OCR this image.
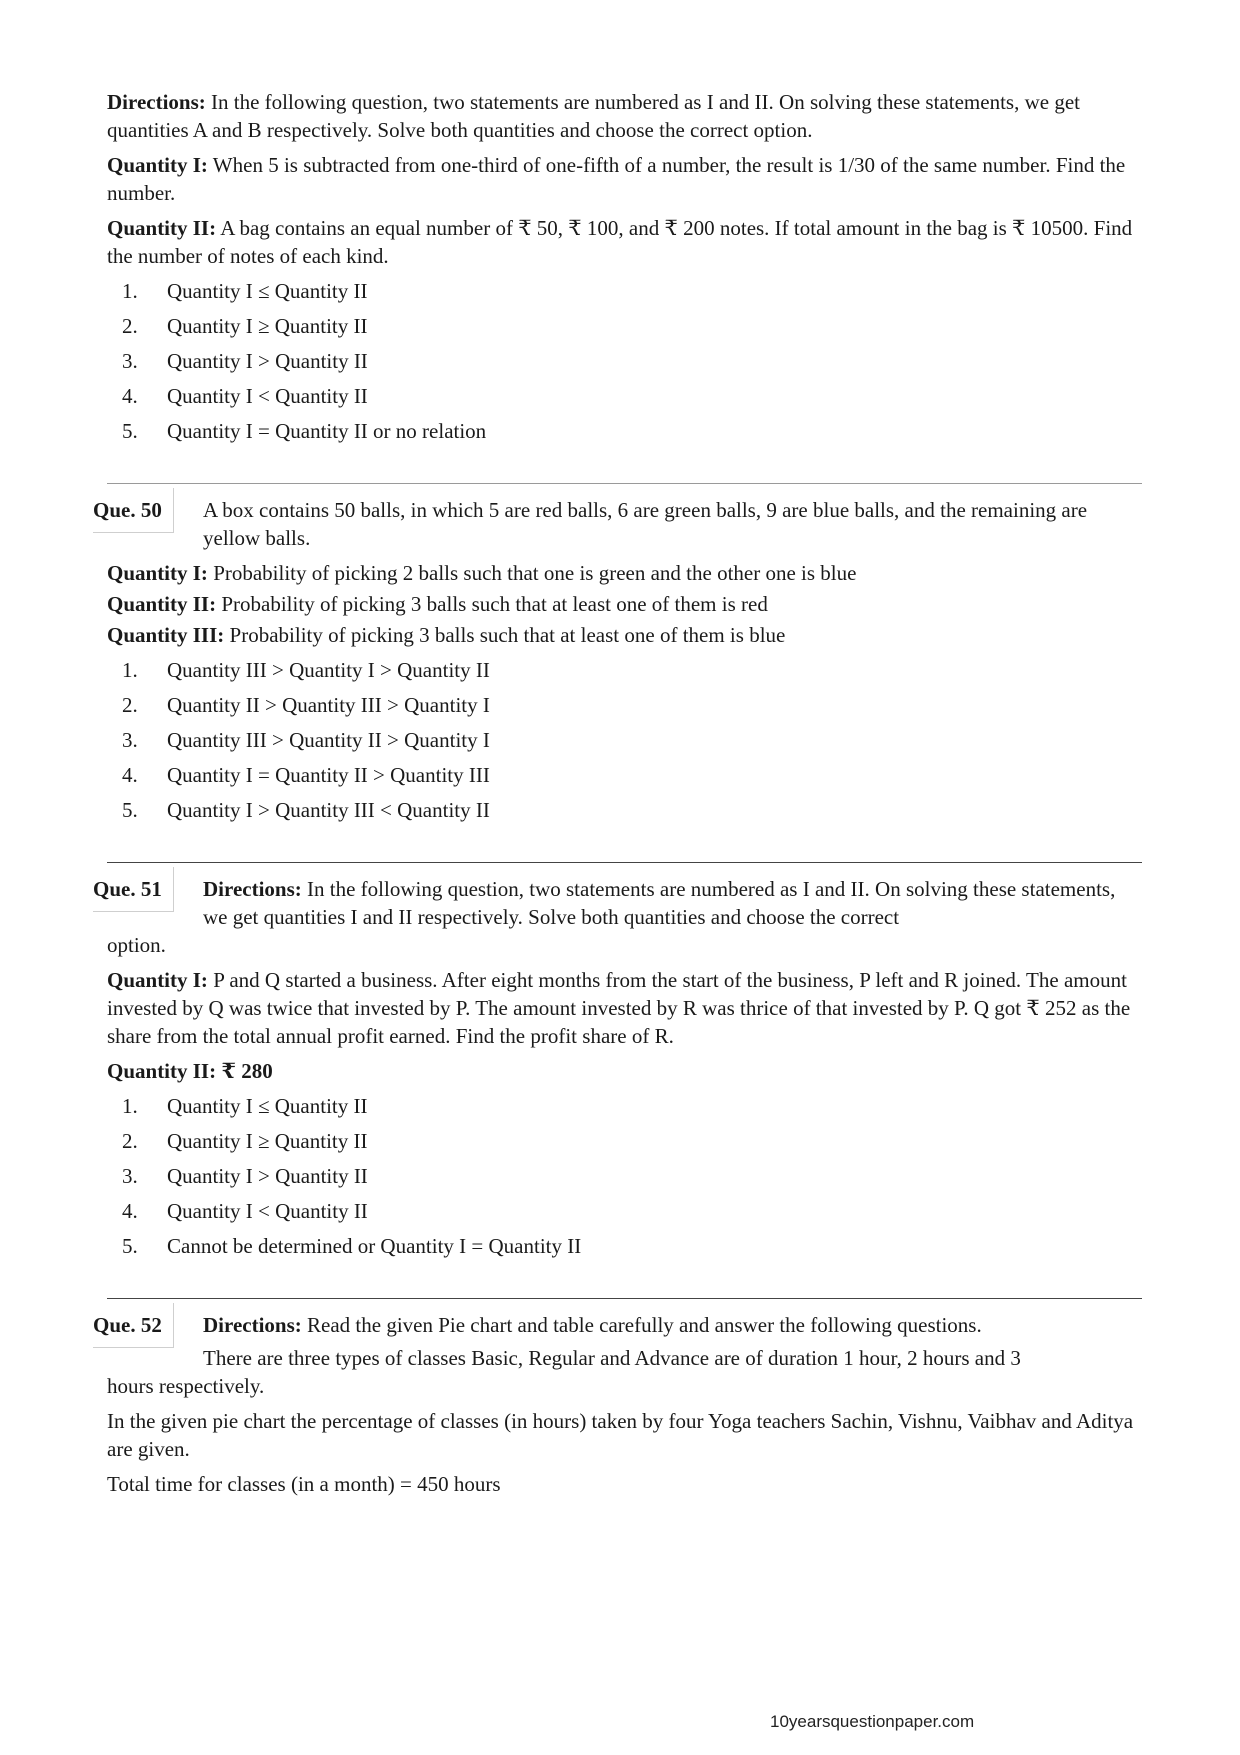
Directions: In the following question, two statements are numbered as I and II. On solving these statements, we get quantities A and B respectively. Solve both quantities and choose the correct option.

Quantity I: When 5 is subtracted from one-third of one-fifth of a number, the result is 1/30 of the same number. Find the number.

Quantity II: A bag contains an equal number of ₹ 50, ₹ 100, and ₹ 200 notes. If total amount in the bag is ₹ 10500. Find the number of notes of each kind.

1. Quantity I ≤ Quantity II
2. Quantity I ≥ Quantity II
3. Quantity I > Quantity II
4. Quantity I < Quantity II
5. Quantity I = Quantity II or no relation
Que. 50	A box contains 50 balls, in which 5 are red balls, 6 are green balls, 9 are blue balls, and the remaining are yellow balls.

Quantity I: Probability of picking 2 balls such that one is green and the other one is blue

Quantity II: Probability of picking 3 balls such that at least one of them is red

Quantity III: Probability of picking 3 balls such that at least one of them is blue

1. Quantity III > Quantity I > Quantity II
2. Quantity II > Quantity III > Quantity I
3. Quantity III > Quantity II > Quantity I
4. Quantity I = Quantity II > Quantity III
5. Quantity I > Quantity III < Quantity II
Que. 51	Directions: In the following question, two statements are numbered as I and II. On solving these statements, we get quantities I and II respectively. Solve both quantities and choose the correct

option.

Quantity I: P and Q started a business. After eight months from the start of the business, P left and R joined. The amount invested by Q was twice that invested by P. The amount invested by R was thrice of that invested by P. Q got ₹ 252 as the share from the total annual profit earned. Find the profit share of R.

Quantity II: ₹ 280

1. Quantity I ≤ Quantity II
2. Quantity I ≥ Quantity II
3. Quantity I > Quantity II
4. Quantity I < Quantity II
5. Cannot be determined or Quantity I = Quantity II
Que. 52	Directions: Read the given Pie chart and table carefully and answer the following questions.

There are three types of classes Basic, Regular and Advance are of duration 1 hour, 2 hours and 3

hours respectively.

In the given pie chart the percentage of classes (in hours) taken by four Yoga teachers Sachin, Vishnu, Vaibhav and Aditya are given.

Total time for classes (in a month) = 450 hours

10yearsquestionpaper.com
